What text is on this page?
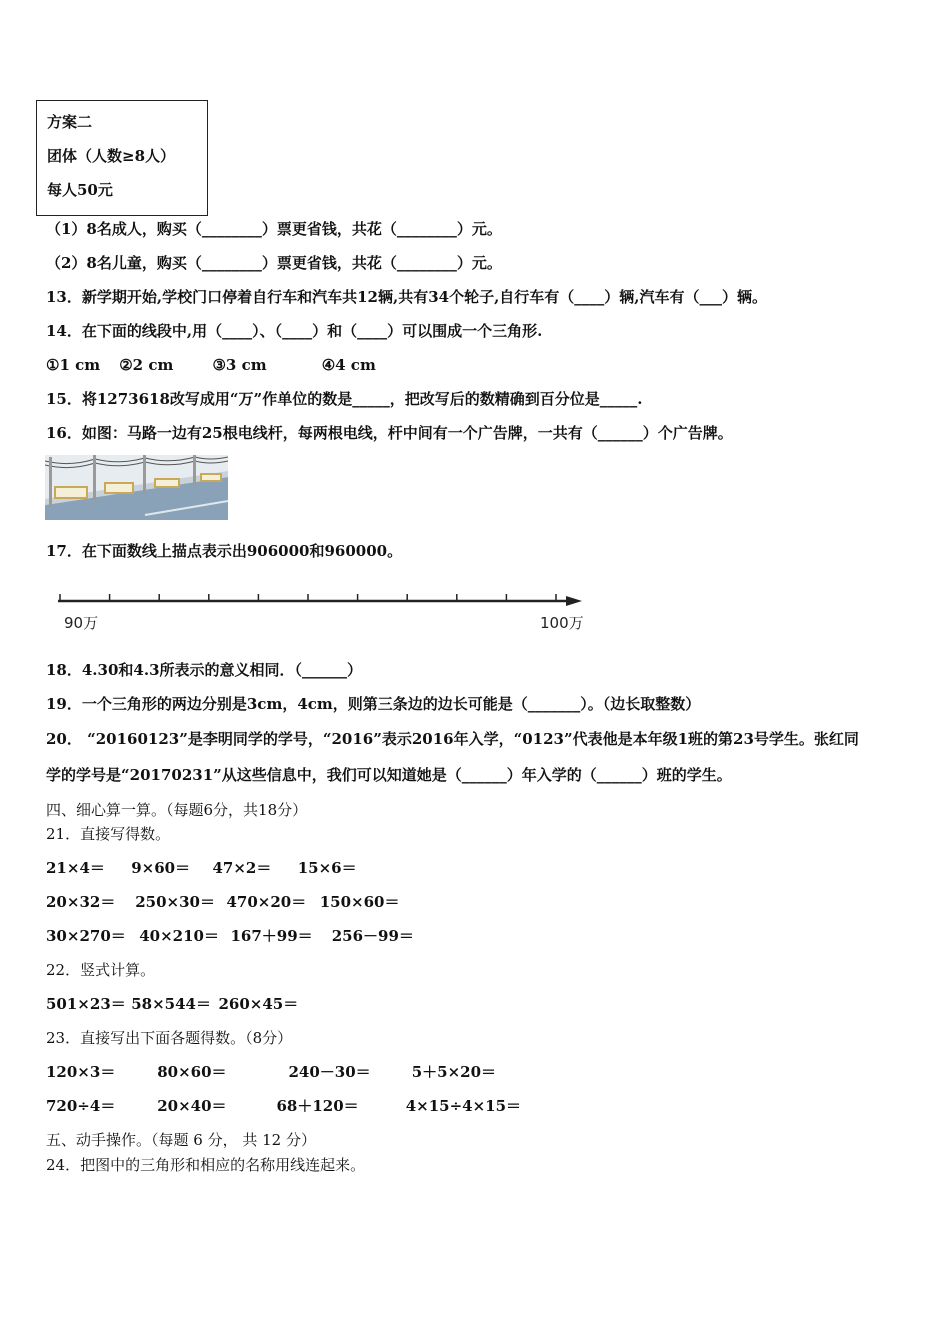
方案二
团体（人数≥8人）
每人50元
（1）8名成人，购买（________）票更省钱，共花（________）元。
（2）8名儿童，购买（________）票更省钱，共花（________）元。
13．新学期开始,学校门口停着自行车和汽车共12辆,共有34个轮子,自行车有（____）辆,汽车有（___）辆。
14．在下面的线段中,用（____）、（____）和（____）可以围成一个三角形.
①1 cm ②2 cm	③3 cm	④4 cm
15．将1273618改写成用“万”作单位的数是_____，把改写后的数精确到百分位是_____.
16．如图：马路一边有25根电线杆，每两根电线，杆中间有一个广告牌，一共有（______）个广告牌。
17．在下面数线上描点表示出906000和960000。
90万	100万
18．4.30和4.3所表示的意义相同．（______）
19．一个三角形的两边分别是3cm，4cm，则第三条边的边长可能是（_______）。（边长取整数）
20． “20160123”是李明同学的学号，“2016”表示2016年入学，“0123”代表他是本年级1班的第23号学生。张红同
学的学号是“20170231”从这些信息中，我们可以知道她是（______）年入学的（______）班的学生。
四、细心算一算。（每题6分，共18分）
21．直接写得数。
21×4＝ 9×60＝ 47×2＝ 15×6＝
20×32＝ 250×30＝ 470×20＝ 150×60＝
30×270＝ 40×210＝ 167＋99＝ 256－99＝
22．竖式计算。
501×23＝ 58×544＝ 260×45＝
23．直接写出下面各题得数。（8分）
120×3＝	80×60＝	240－30＝	5＋5×20＝
720÷4＝	20×40＝	68＋120＝	4×15÷4×15＝
五、动手操作。（每题 6 分， 共 12 分）
24．把图中的三角形和相应的名称用线连起来。
